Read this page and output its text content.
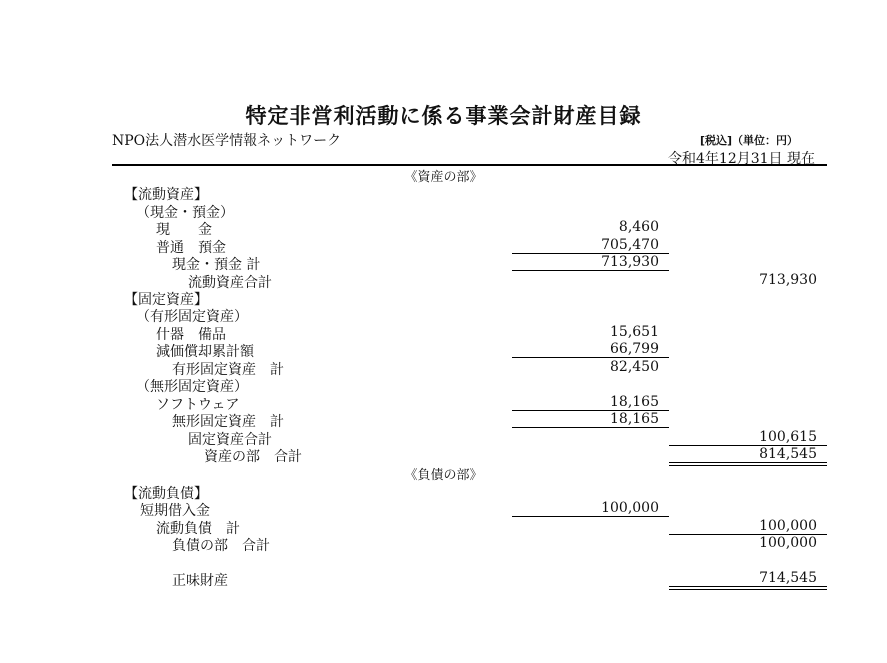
特定非営利活動に係る事業会計財産目録
NPO法人潜水医学情報ネットワーク	[税込]（単位：円）
令和4年12月31日 現在
《資産の部》
【流動資産】
（現金・預金）
現　　金	8,460
普通　預金	705,470
現金・預金 計	713,930
流動資産合計	713,930
【固定資産】
（有形固定資産）
什器　備品	15,651
減価償却累計額	66,799
有形固定資産　計	82,450
（無形固定資産）
ソフトウェア	18,165
無形固定資産　計	18,165
固定資産合計	100,615
資産の部　合計	814,545
《負債の部》
【流動負債】
短期借入金	100,000
流動負債　計	100,000
負債の部　合計	100,000
正味財産	714,545
